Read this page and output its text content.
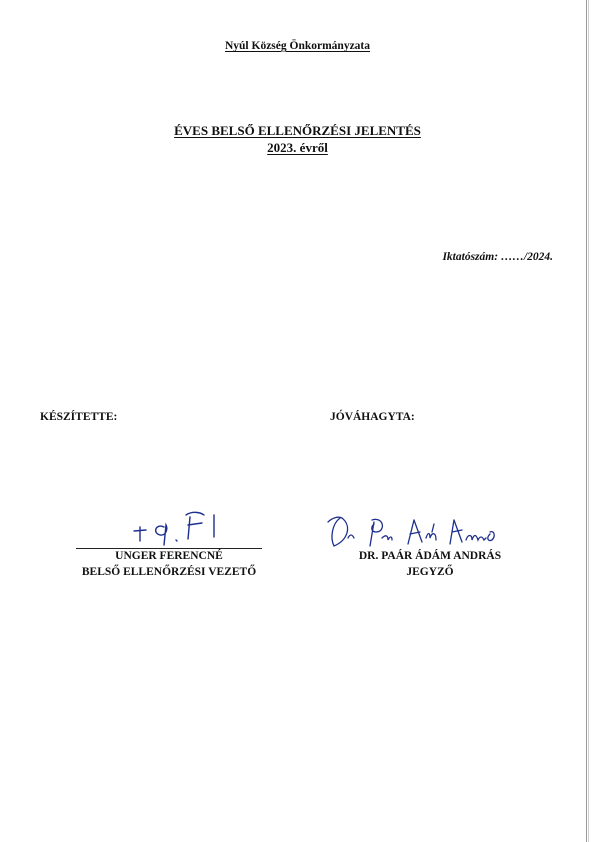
Nyúl Község Önkormányzata
ÉVES BELSŐ ELLENŐRZÉSI JELENTÉS
2023. évről
Iktatószám: ……/2024.
KÉSZÍTETTE:	JÓVÁHAGYTA:
UNGER FERENCNÉ
BELSŐ ELLENŐRZÉSI VEZETŐ
DR. PAÁR ÁDÁM ANDRÁS
JEGYZŐ
